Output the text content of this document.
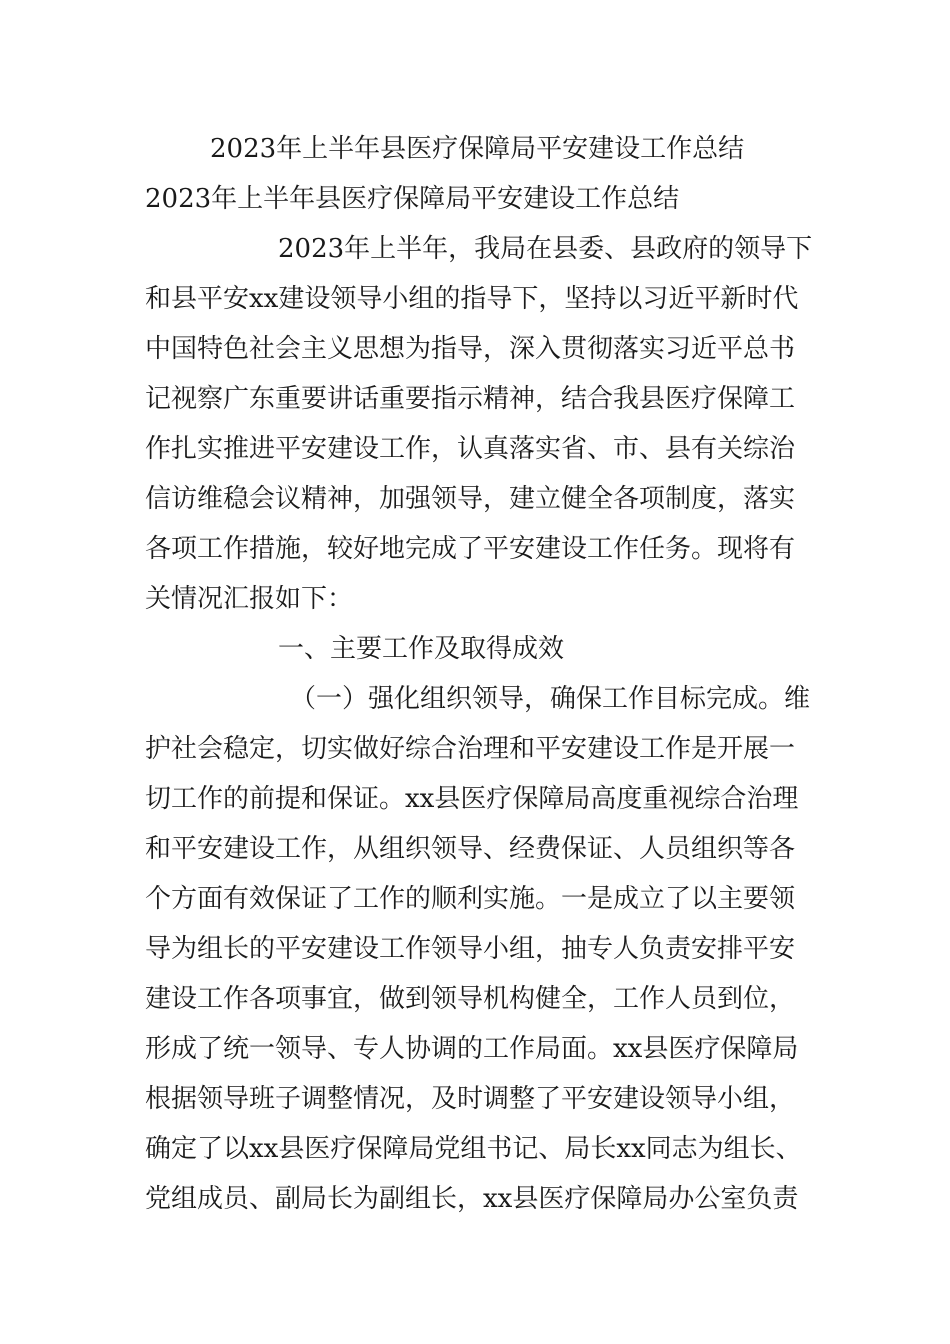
2023年上半年县医疗保障局平安建设工作总结
2023年上半年县医疗保障局平安建设工作总结
2023年上半年，我局在县委、县政府的领导下
和县平安xx建设领导小组的指导下，坚持以习近平新时代
中国特色社会主义思想为指导，深入贯彻落实习近平总书
记视察广东重要讲话重要指示精神，结合我县医疗保障工
作扎实推进平安建设工作，认真落实省、市、县有关综治
信访维稳会议精神，加强领导，建立健全各项制度，落实
各项工作措施，较好地完成了平安建设工作任务。现将有
关情况汇报如下：
一、主要工作及取得成效
（一）强化组织领导，确保工作目标完成。维
护社会稳定，切实做好综合治理和平安建设工作是开展一
切工作的前提和保证。xx县医疗保障局高度重视综合治理
和平安建设工作，从组织领导、经费保证、人员组织等各
个方面有效保证了工作的顺利实施。一是成立了以主要领
导为组长的平安建设工作领导小组，抽专人负责安排平安
建设工作各项事宜，做到领导机构健全，工作人员到位，
形成了统一领导、专人协调的工作局面。xx县医疗保障局
根据领导班子调整情况，及时调整了平安建设领导小组，
确定了以xx县医疗保障局党组书记、局长xx同志为组长、
党组成员、副局长为副组长，xx县医疗保障局办公室负责
